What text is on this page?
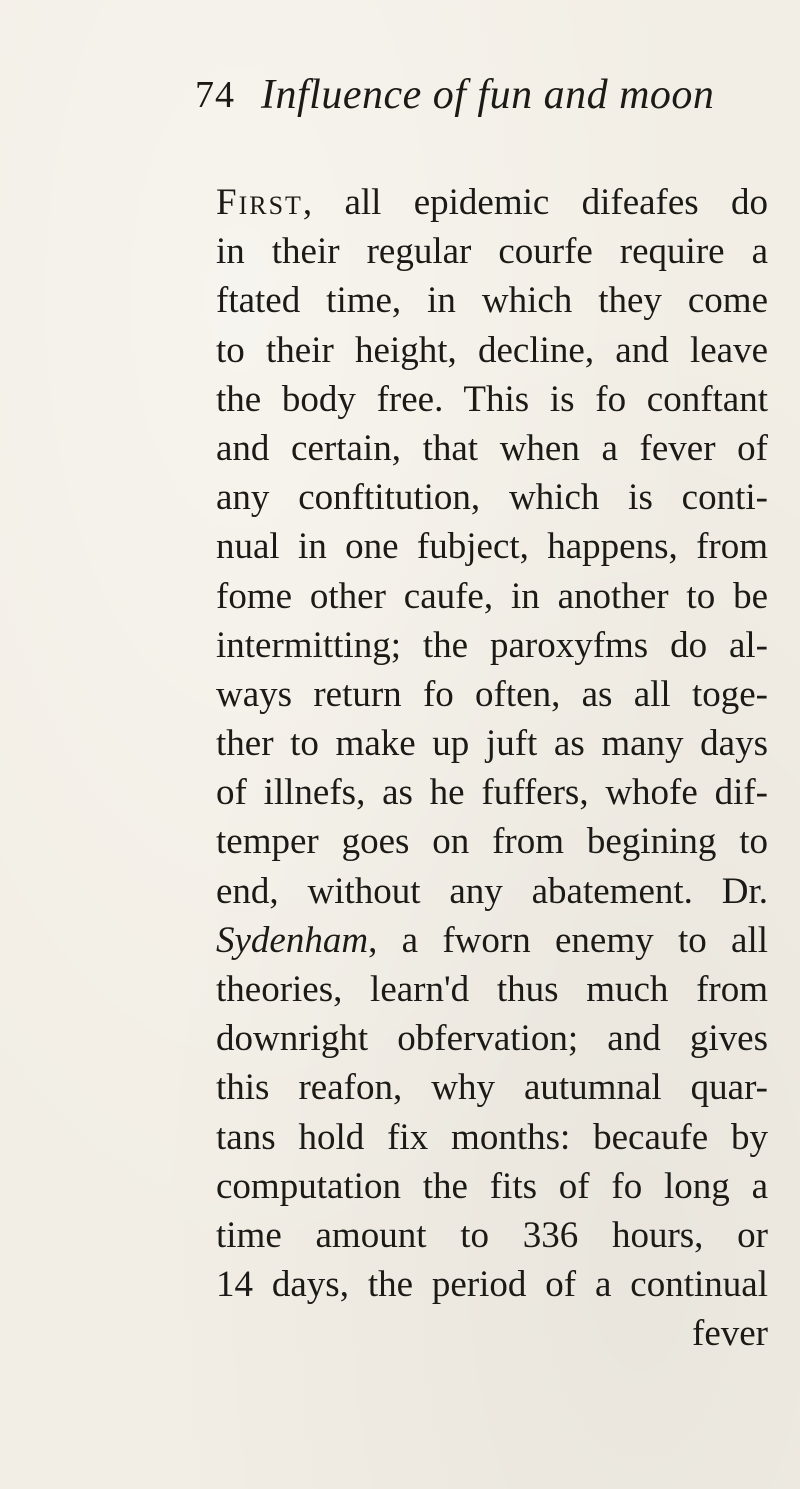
74 Influence of fun and moon
First, all epidemic difeafes do
in their regular courfe require a
ftated time, in which they come
to their height, decline, and leave
the body free. This is fo conftant
and certain, that when a fever of
any conftitution, which is conti-
nual in one fubject, happens, from
fome other caufe, in another to be
intermitting; the paroxyfms do al-
ways return fo often, as all toge-
ther to make up juft as many days
of illnefs, as he fuffers, whofe dif-
temper goes on from begining to
end, without any abatement. Dr.
Sydenham, a fworn enemy to all
theories, learn'd thus much from
downright obfervation; and gives
this reafon, why autumnal quar-
tans hold fix months: becaufe by
computation the fits of fo long a
time amount to 336 hours, or
14 days, the period of a continual
fever
